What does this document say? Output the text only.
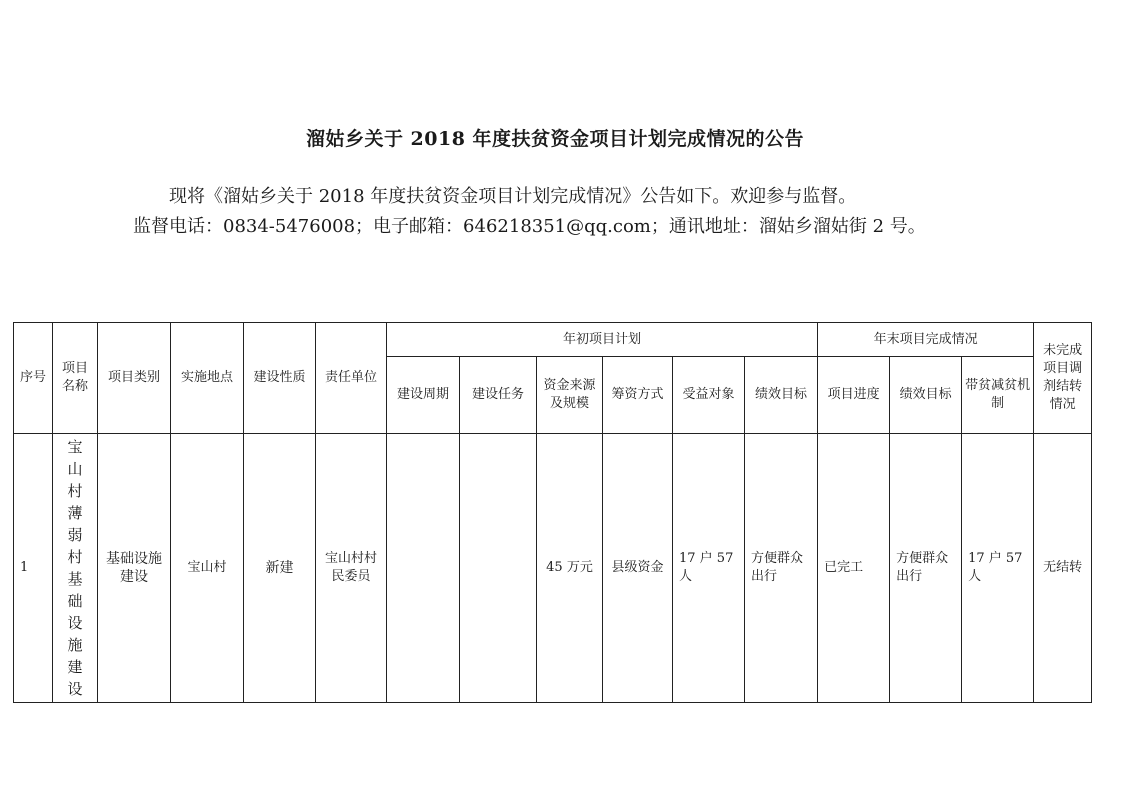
溜姑乡关于 2018 年度扶贫资金项目计划完成情况的公告
现将《溜姑乡关于 2018 年度扶贫资金项目计划完成情况》公告如下。欢迎参与监督。
监督电话：0834-5476008；电子邮箱：646218351@qq.com；通讯地址：溜姑乡溜姑街 2 号。
序号	项目名称	项目类别	实施地点	建设性质	责任单位	年初项目计划						年末项目完成情况			未完成项目调剂结转情况
						建设周期	建设任务	资金来源及规模	筹资方式	受益对象	绩效目标	项目进度	绩效目标	带贫减贫机制	
1	宝山村薄弱村基础设施建设	基础设施建设	宝山村	新建	宝山村村民委员			45 万元	县级资金	17 户 57 人	方便群众出行	已完工	方便群众出行	17 户 57 人	无结转
